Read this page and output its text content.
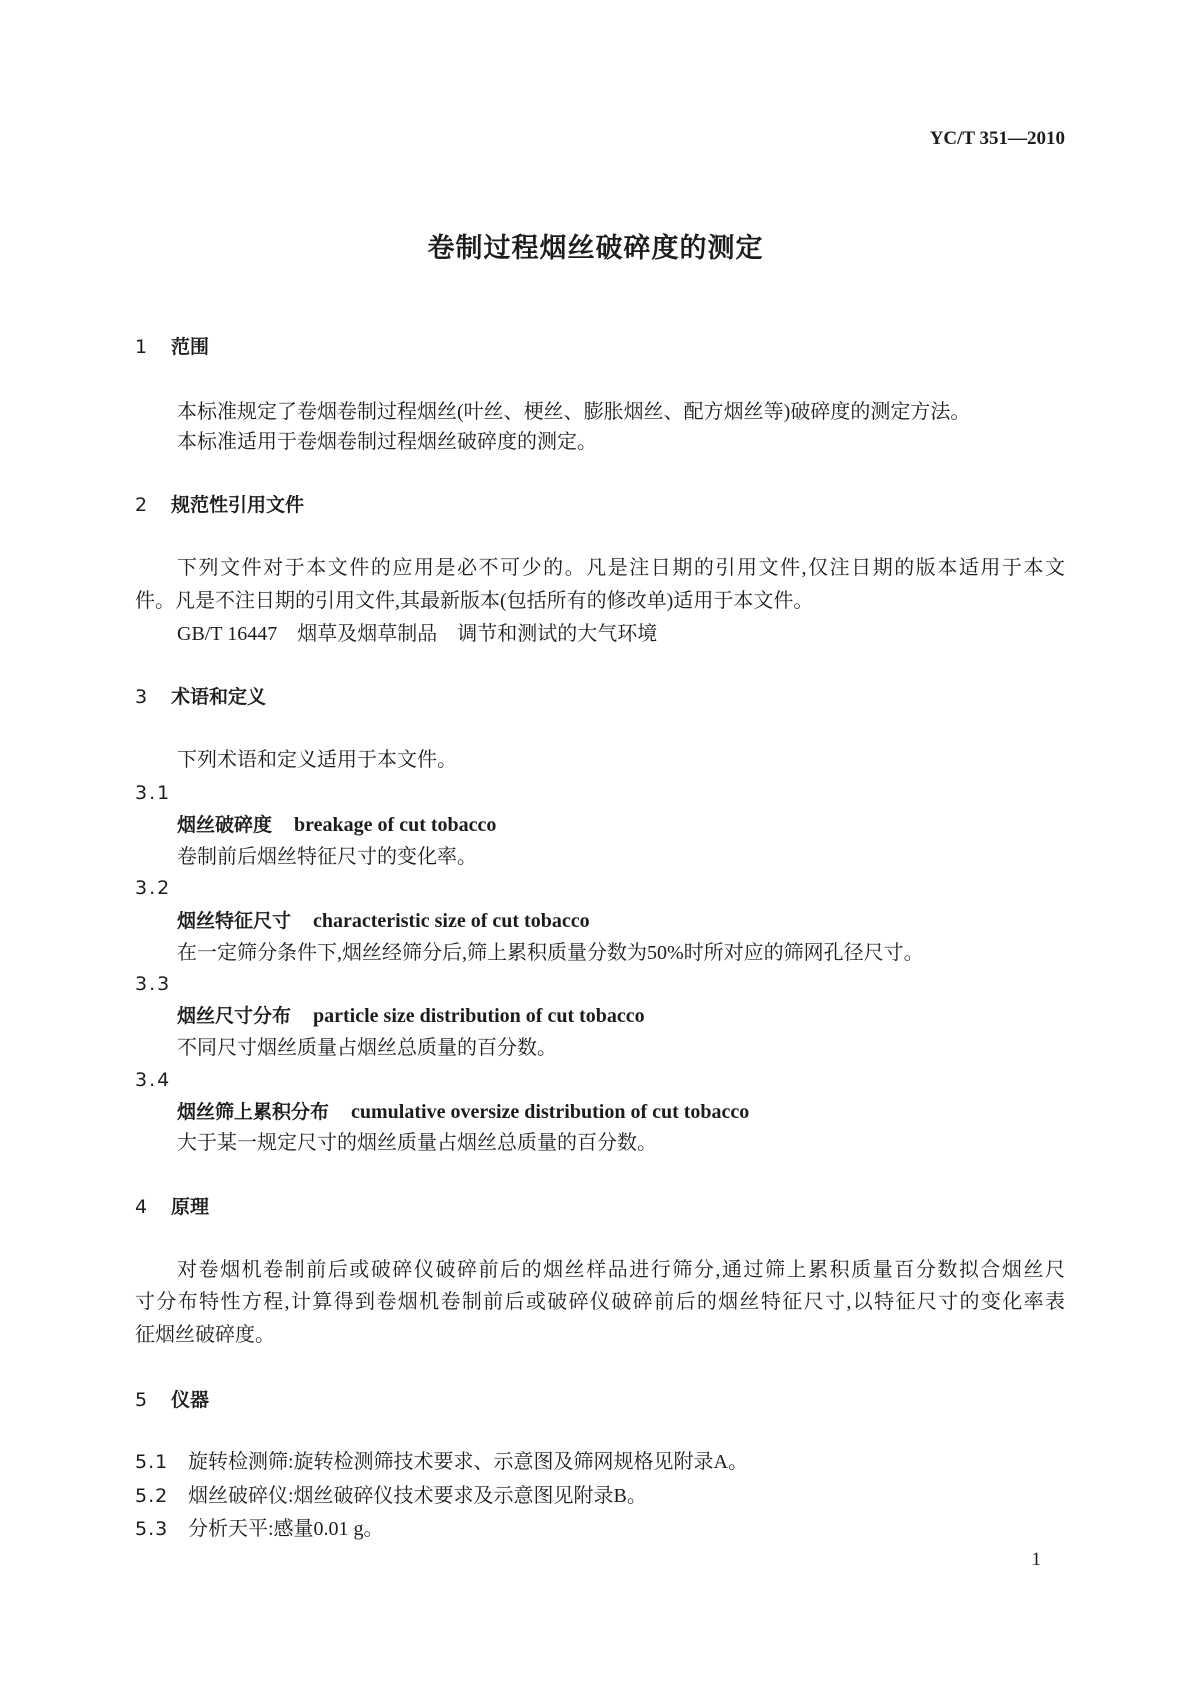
YC/T 351—2010
卷制过程烟丝破碎度的测定
1 范围
本标准规定了卷烟卷制过程烟丝(叶丝、梗丝、膨胀烟丝、配方烟丝等)破碎度的测定方法。
本标准适用于卷烟卷制过程烟丝破碎度的测定。
2 规范性引用文件
下列文件对于本文件的应用是必不可少的。凡是注日期的引用文件,仅注日期的版本适用于本文
件。凡是不注日期的引用文件,其最新版本(包括所有的修改单)适用于本文件。
GB/T 16447　烟草及烟草制品　调节和测试的大气环境
3 术语和定义
下列术语和定义适用于本文件。
3.1
烟丝破碎度 breakage of cut tobacco
卷制前后烟丝特征尺寸的变化率。
3.2
烟丝特征尺寸 characteristic size of cut tobacco
在一定筛分条件下,烟丝经筛分后,筛上累积质量分数为50%时所对应的筛网孔径尺寸。
3.3
烟丝尺寸分布 particle size distribution of cut tobacco
不同尺寸烟丝质量占烟丝总质量的百分数。
3.4
烟丝筛上累积分布 cumulative oversize distribution of cut tobacco
大于某一规定尺寸的烟丝质量占烟丝总质量的百分数。
4 原理
对卷烟机卷制前后或破碎仪破碎前后的烟丝样品进行筛分,通过筛上累积质量百分数拟合烟丝尺
寸分布特性方程,计算得到卷烟机卷制前后或破碎仪破碎前后的烟丝特征尺寸,以特征尺寸的变化率表
征烟丝破碎度。
5 仪器
5.1 旋转检测筛:旋转检测筛技术要求、示意图及筛网规格见附录A。
5.2 烟丝破碎仪:烟丝破碎仪技术要求及示意图见附录B。
5.3 分析天平:感量0.01 g。
1
